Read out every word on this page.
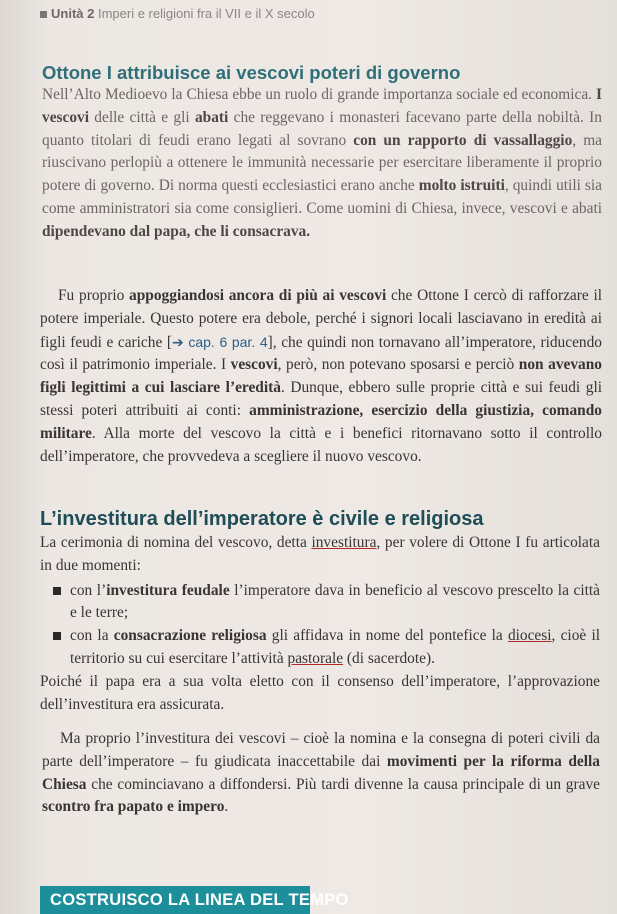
Unità 2 Imperi e religioni fra il VII e il X secolo
Ottone I attribuisce ai vescovi poteri di governo

Nell’Alto Medioevo la Chiesa ebbe un ruolo di grande importanza sociale ed economica. I vescovi delle città e gli abati che reggevano i monasteri facevano parte della nobiltà. In quanto titolari di feudi erano legati al sovrano con un rapporto di vassallaggio, ma riuscivano perlopiù a ottenere le immunità necessarie per esercitare liberamente il proprio potere di governo. Di norma questi ecclesiastici erano anche molto istruiti, quindi utili sia come amministratori sia come consiglieri. Come uomini di Chiesa, invece, vescovi e abati dipendevano dal papa, che li consacrava.

Fu proprio appoggiandosi ancora di più ai vescovi che Ottone I cercò di rafforzare il potere imperiale. Questo potere era debole, perché i signori locali lasciavano in eredità ai figli feudi e cariche [➔ cap. 6 par. 4], che quindi non tornavano all’imperatore, riducendo così il patrimonio imperiale. I vescovi, però, non potevano sposarsi e perciò non avevano figli legittimi a cui lasciare l’eredità. Dunque, ebbero sulle proprie città e sui feudi gli stessi poteri attribuiti ai conti: amministrazione, esercizio della giustizia, comando militare. Alla morte del vescovo la città e i benefici ritornavano sotto il controllo dell’imperatore, che provvedeva a scegliere il nuovo vescovo.

L’investitura dell’imperatore è civile e religiosa
La cerimonia di nomina del vescovo, detta investitura, per volere di Ottone I fu articolata in due momenti:
con l’investitura feudale l’imperatore dava in beneficio al vescovo prescelto la città e le terre;
con la consacrazione religiosa gli affidava in nome del pontefice la diocesi, cioè il territorio su cui esercitare l’attività pastorale (di sacerdote).
Poiché il papa era a sua volta eletto con il consenso dell’imperatore, l’approvazione dell’investitura era assicurata.

Ma proprio l’investitura dei vescovi – cioè la nomina e la consegna di poteri civili da parte dell’imperatore – fu giudicata inaccettabile dai movimenti per la riforma della Chiesa che cominciavano a diffondersi. Più tardi divenne la causa principale di un grave scontro fra papato e impero.

COSTRUISCO LA LINEA DEL TEMPO
